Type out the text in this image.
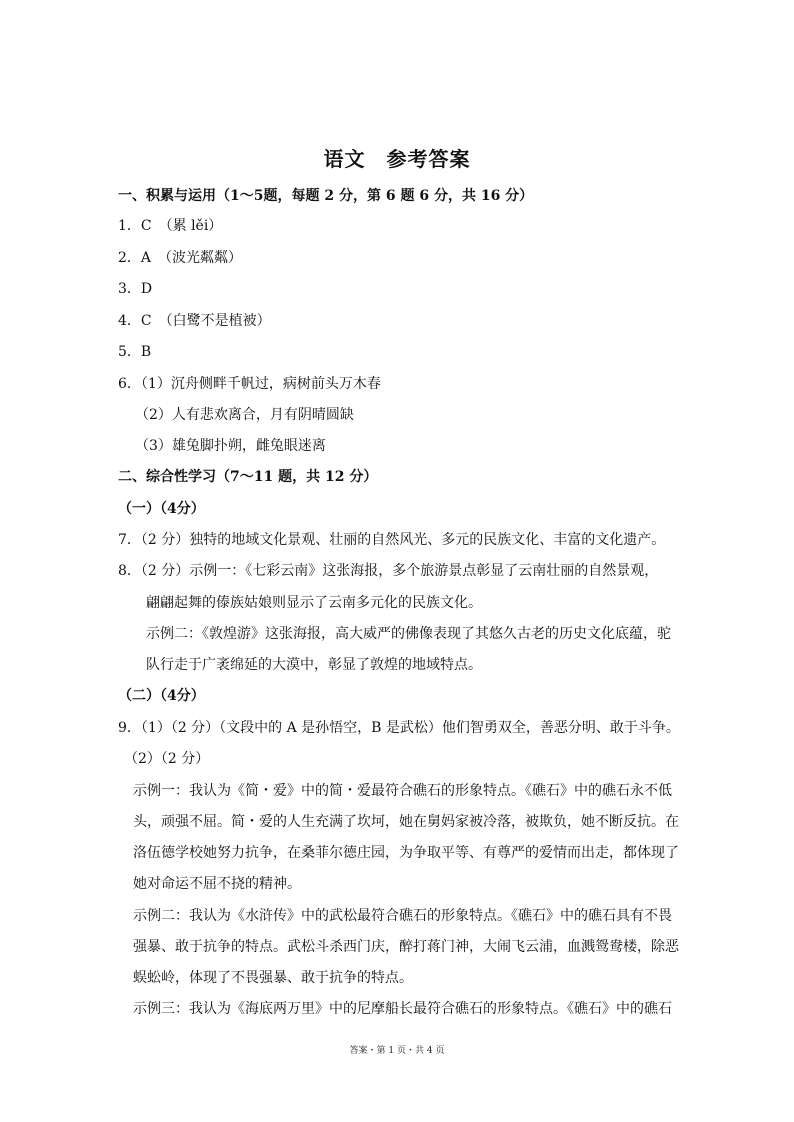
语文　参考答案
一、积累与运用（1～5题，每题 2 分，第 6 题 6 分，共 16 分）
1．C　（累 lěi）
2．A　（波光粼粼）
3．D
4．C　（白鹭不是植被）
5．B
6．（1）沉舟侧畔千帆过，病树前头万木春
（2）人有悲欢离合，月有阴晴圆缺
（3）雄兔脚扑朔，雌兔眼迷离
二、综合性学习（7～11 题，共 12 分）
（一）（4分）
7．（2 分）独特的地域文化景观、壮丽的自然风光、多元的民族文化、丰富的文化遗产。
8．（2 分）示例一：《七彩云南》这张海报，多个旅游景点彰显了云南壮丽的自然景观，
翩翩起舞的傣族姑娘则显示了云南多元化的民族文化。
示例二：《敦煌游》这张海报，高大威严的佛像表现了其悠久古老的历史文化底蕴，驼
队行走于广袤绵延的大漠中，彰显了敦煌的地域特点。
（二）（4分）
9．（1）（2 分）（文段中的 A 是孙悟空，B 是武松）他们智勇双全，善恶分明、敢于斗争。
（2）（2 分）
示例一：我认为《简・爱》中的简・爱最符合礁石的形象特点。《礁石》中的礁石永不低
头，顽强不屈。简・爱的人生充满了坎坷，她在舅妈家被冷落，被欺负，她不断反抗。在
洛伍德学校她努力抗争，在桑菲尔德庄园，为争取平等、有尊严的爱情而出走，都体现了
她对命运不屈不挠的精神。
示例二：我认为《水浒传》中的武松最符合礁石的形象特点。《礁石》中的礁石具有不畏
强暴、敢于抗争的特点。武松斗杀西门庆，醉打蒋门神，大闹飞云浦，血溅鸳鸯楼，除恶
蜈蚣岭，体现了不畏强暴、敢于抗争的特点。
示例三：我认为《海底两万里》中的尼摩船长最符合礁石的形象特点。《礁石》中的礁石
答案・第 1 页・共 4 页
